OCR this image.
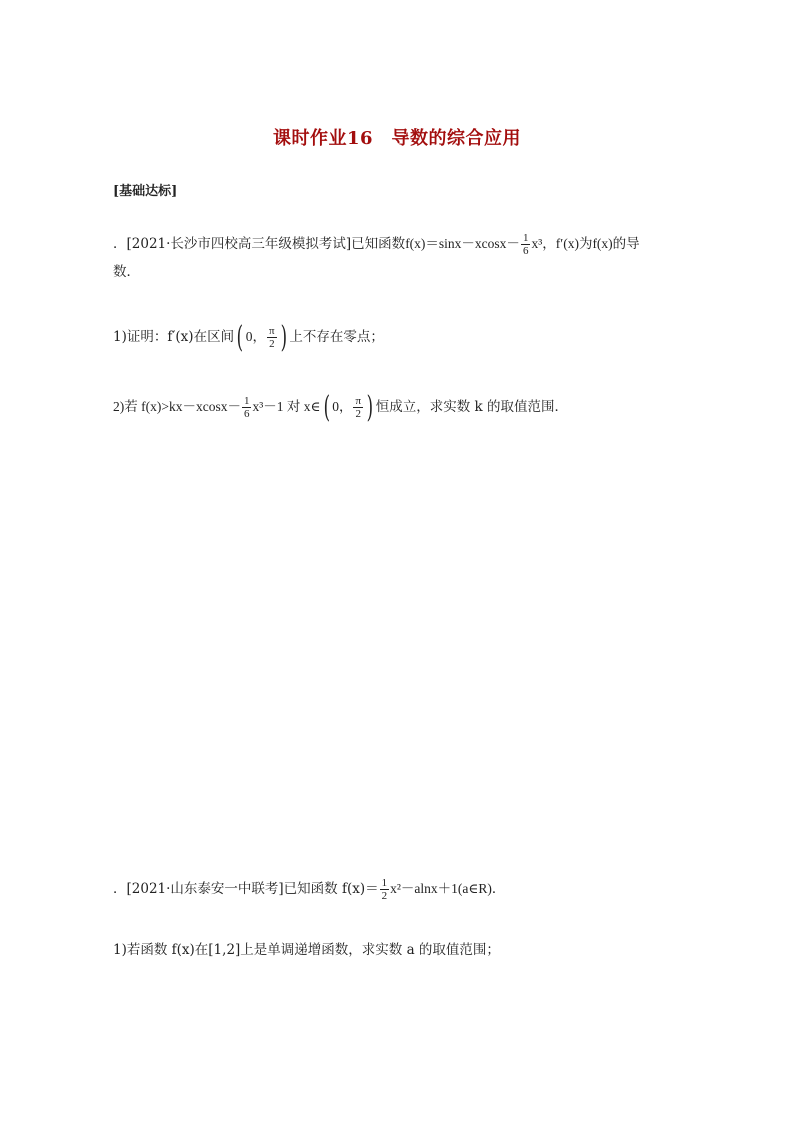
课时作业16　导数的综合应用
[基础达标]
．[2021·长沙市四校高三年级模拟考试]已知函数$f(x)=\sin x-xcosx- \frac{1}{6} x^3$，f′(x)为f(x)的导
数．
1)证明：f′(x)在区间( 0， $\frac{\pi}{2}$ ) 上不存在零点；
2)若 $f(x)>kx-xcosx- \frac{1}{6} x^3-1$ 对 x∈( 0， $\frac{\pi}{2}$ ) 恒成立，求实数 k 的取值范围．
．[2021·山东泰安一中联考]已知函数 $f(x)= \frac{1}{2}$ x²－alnx＋1(a∈R)．
1)若函数 f(x)在[1,2]上是单调递增函数，求实数 a 的取值范围；
